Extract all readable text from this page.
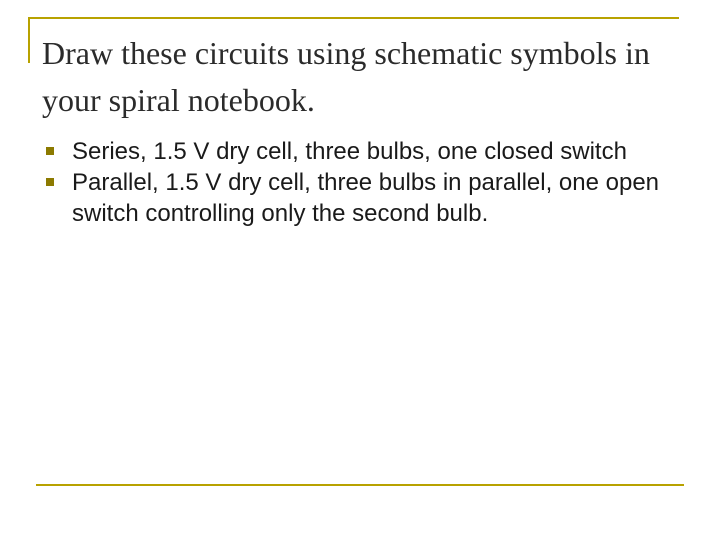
Draw these circuits using schematic symbols in your spiral notebook.
Series, 1.5 V dry cell, three bulbs, one closed switch
Parallel, 1.5 V dry cell, three bulbs in parallel, one open switch controlling only the second bulb.
